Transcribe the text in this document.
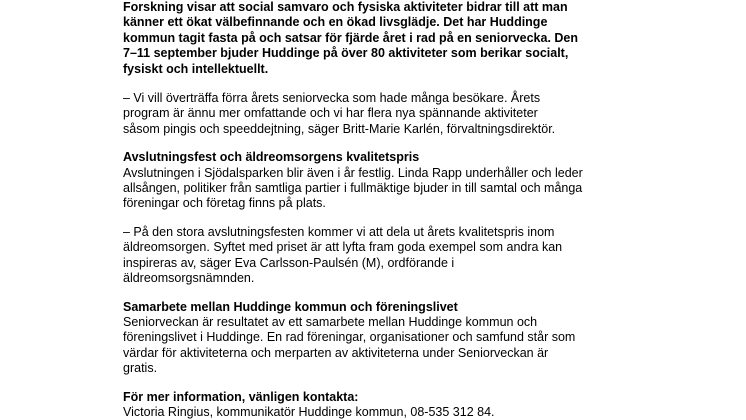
Forskning visar att social samvaro och fysiska aktiviteter bidrar till att man
känner ett ökat välbefinnande och en ökad livsglädje. Det har Huddinge
kommun tagit fasta på och satsar för fjärde året i rad på en seniorvecka. Den
7–11 september bjuder Huddinge på över 80 aktiviteter som berikar socialt,
fysiskt och intellektuellt.

– Vi vill överträffa förra årets seniorvecka som hade många besökare. Årets
program är ännu mer omfattande och vi har flera nya spännande aktiviteter
såsom pingis och speeddejtning, säger Britt-Marie Karlén, förvaltningsdirektör.

Avslutningsfest och äldreomsorgens kvalitetspris

Avslutningen i Sjödalsparken blir även i år festlig. Linda Rapp underhåller och leder
allsången, politiker från samtliga partier i fullmäktige bjuder in till samtal och många
föreningar och företag finns på plats.

– På den stora avslutningsfesten kommer vi att dela ut årets kvalitetspris inom
äldreomsorgen. Syftet med priset är att lyfta fram goda exempel som andra kan
inspireras av, säger Eva Carlsson-Paulsén (M), ordförande i
äldreomsorgsnämnden.

Samarbete mellan Huddinge kommun och föreningslivet

Seniorveckan är resultatet av ett samarbete mellan Huddinge kommun och
föreningslivet i Huddinge. En rad föreningar, organisationer och samfund står som
värdar för aktiviteterna och merparten av aktiviteterna under Seniorveckan är
gratis.

För mer information, vänligen kontakta:

Victoria Ringius, kommunikatör Huddinge kommun, 08-535 312 84.
